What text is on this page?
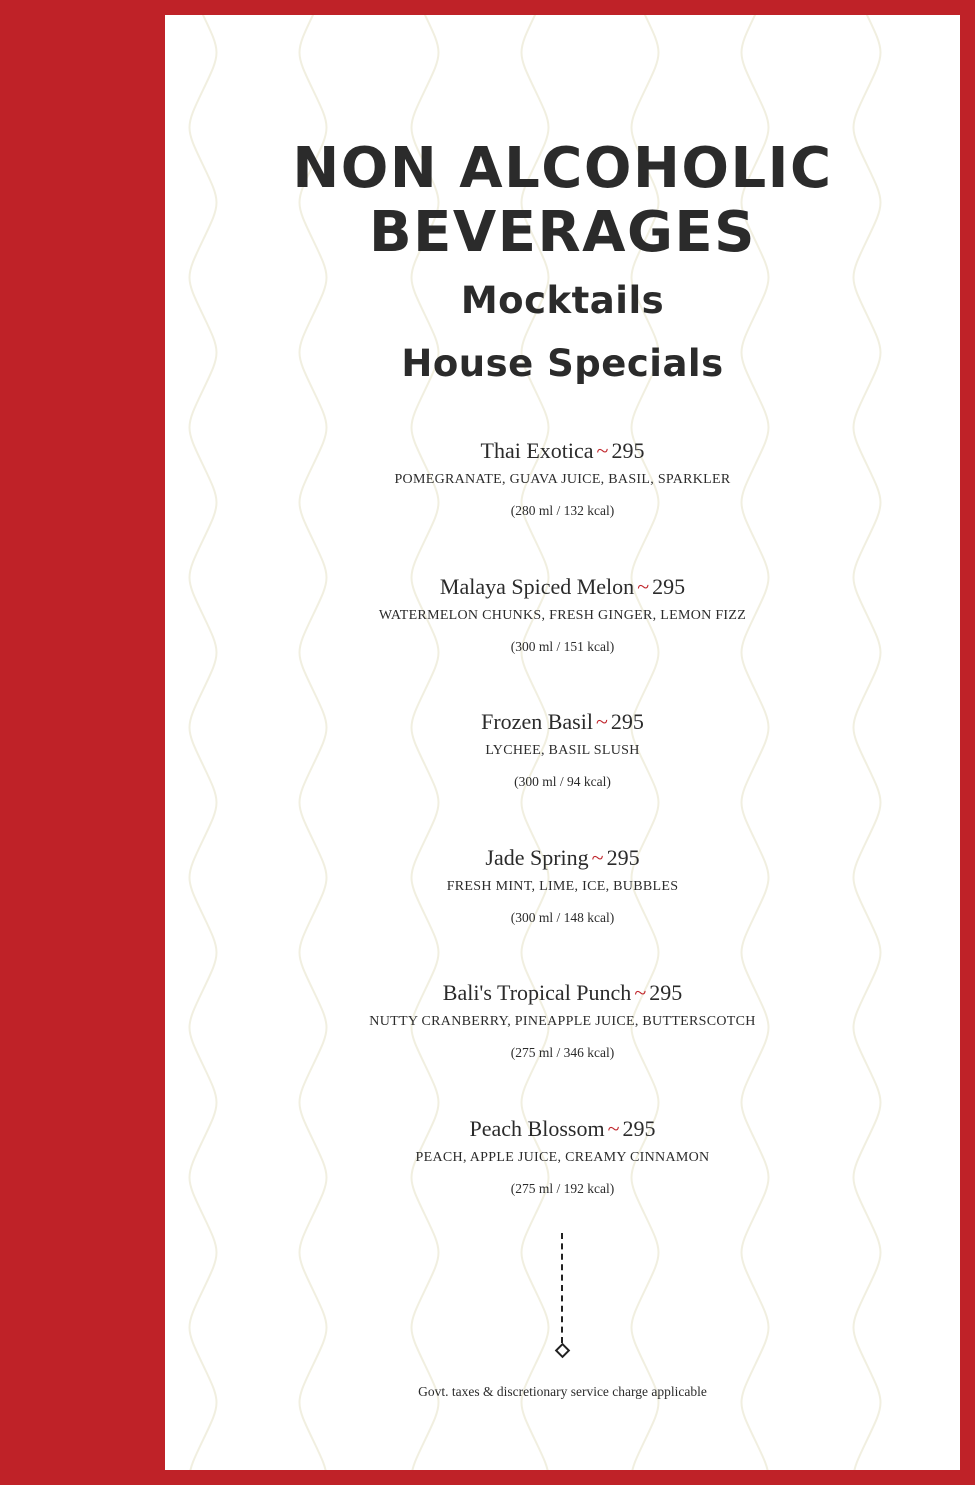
NON ALCOHOLIC
BEVERAGES
Mocktails
House Specials
Thai Exotica ~ 295
POMEGRANATE, GUAVA JUICE, BASIL, SPARKLER
(280 ml / 132 kcal)
Malaya Spiced Melon ~ 295
WATERMELON CHUNKS, FRESH GINGER, LEMON FIZZ
(300 ml / 151 kcal)
Frozen Basil ~ 295
LYCHEE, BASIL SLUSH
(300 ml / 94 kcal)
Jade Spring ~ 295
FRESH MINT, LIME, ICE, BUBBLES
(300 ml / 148 kcal)
Bali's Tropical Punch ~ 295
NUTTY CRANBERRY, PINEAPPLE JUICE, BUTTERSCOTCH
(275 ml / 346 kcal)
Peach Blossom ~ 295
PEACH, APPLE JUICE, CREAMY CINNAMON
(275 ml / 192 kcal)
Govt. taxes & discretionary service charge applicable
